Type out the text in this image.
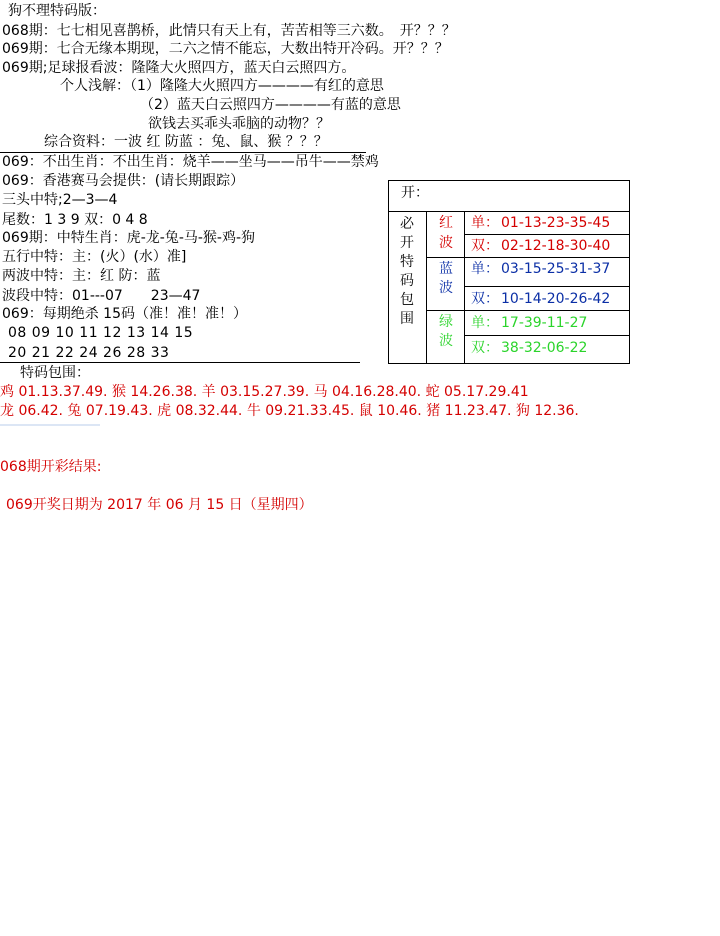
狗不理特码版：
068期：七七相见喜鹊桥，此情只有天上有，苦苦相等三六数。　开？？？
069期：七合无缘本期现，二六之情不能忘，大数出特开冷码。开？？？
069期;足球报看波：隆隆大火照四方，蓝天白云照四方。
个人浅解：（1）隆隆大火照四方————有红的意思
（2）蓝天白云照四方————有蓝的意思
欲钱去买乖头乖脑的动物？？
综合资料：一波 红 防蓝 ：兔、鼠、猴 ？？？
069：不出生肖：不出生肖：烧羊——坐马——吊牛——禁鸡
069：香港赛马会提供：(请长期跟踪）
三头中特;2—3—4
尾数：1 3 9 双：0 4 8
069期：中特生肖：虎-龙-兔-马-猴-鸡-狗
五行中特：主：(火）(水）准]
两波中特：主：红 防：蓝
波段中特：01---07　　23—47
069：每期绝杀 15码（准！准！准！）
08 09 10 11 12 13 14 15
20 21 22 24 26 28 33
特码包围：
开：
必
开
特
码
包
围
红
波
单： 01-13-23-35-45
双： 02-12-18-30-40
蓝
波
单： 03-15-25-31-37
双： 10-14-20-26-42
绿
波
单： 17-39-11-27
双： 38-32-06-22
鸡 01.13.37.49. 猴 14.26.38. 羊 03.15.27.39. 马 04.16.28.40. 蛇 05.17.29.41
龙 06.42. 兔 07.19.43. 虎 08.32.44. 牛 09.21.33.45. 鼠 10.46. 猪 11.23.47. 狗 12.36.
068期开彩结果:
069开奖日期为 2017 年 06 月 15 日（星期四）
